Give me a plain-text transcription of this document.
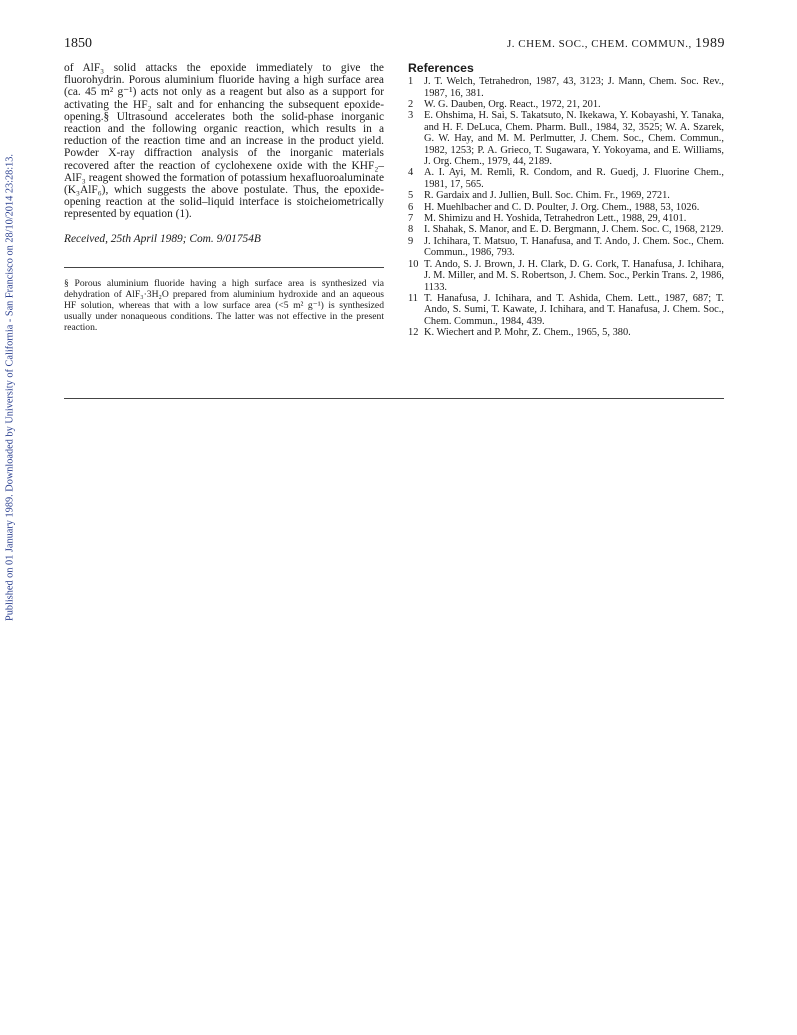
1850	J. CHEM. SOC., CHEM. COMMUN., 1989

of AlF₃ solid attacks the epoxide immediately to give the fluorohydrin. Porous aluminium fluoride having a high surface area (ca. 45 m² g⁻¹) acts not only as a reagent but also as a support for activating the HF₂ salt and for enhancing the subsequent epoxide-opening.§ Ultrasound accelerates both the solid-phase inorganic reaction and the following organic reaction, which results in a reduction of the reaction time and an increase in the product yield. Powder X-ray diffraction analysis of the inorganic materials recovered after the reaction of cyclohexene oxide with the KHF₂–AlF₃ reagent showed the formation of potassium hexafluoroaluminate (K₃AlF₆), which suggests the above postulate. Thus, the epoxide-opening reaction at the solid–liquid interface is stoicheiometrically represented by equation (1).

Received, 25th April 1989; Com. 9/01754B
§ Porous aluminium fluoride having a high surface area is synthesized via dehydration of AlF₃·3H₂O prepared from aluminium hydroxide and an aqueous HF solution, whereas that with a low surface area (<5 m² g⁻¹) is synthesized usually under nonaqueous conditions. The latter was not effective in the present reaction.
References
1	J. T. Welch, Tetrahedron, 1987, 43, 3123; J. Mann, Chem. Soc. Rev., 1987, 16, 381.
2	W. G. Dauben, Org. React., 1972, 21, 201.
3	E. Ohshima, H. Sai, S. Takatsuto, N. Ikekawa, Y. Kobayashi, Y. Tanaka, and H. F. DeLuca, Chem. Pharm. Bull., 1984, 32, 3525; W. A. Szarek, G. W. Hay, and M. M. Perlmutter, J. Chem. Soc., Chem. Commun., 1982, 1253; P. A. Grieco, T. Sugawara, Y. Yokoyama, and E. Williams, J. Org. Chem., 1979, 44, 2189.
4	A. I. Ayi, M. Remli, R. Condom, and R. Guedj, J. Fluorine Chem., 1981, 17, 565.
5	R. Gardaix and J. Jullien, Bull. Soc. Chim. Fr., 1969, 2721.
6	H. Muehlbacher and C. D. Poulter, J. Org. Chem., 1988, 53, 1026.
7	M. Shimizu and H. Yoshida, Tetrahedron Lett., 1988, 29, 4101.
8	I. Shahak, S. Manor, and E. D. Bergmann, J. Chem. Soc. C, 1968, 2129.
9	J. Ichihara, T. Matsuo, T. Hanafusa, and T. Ando, J. Chem. Soc., Chem. Commun., 1986, 793.
10 T. Ando, S. J. Brown, J. H. Clark, D. G. Cork, T. Hanafusa, J. Ichihara, J. M. Miller, and M. S. Robertson, J. Chem. Soc., Perkin Trans. 2, 1986, 1133.
11 T. Hanafusa, J. Ichihara, and T. Ashida, Chem. Lett., 1987, 687; T. Ando, S. Sumi, T. Kawate, J. Ichihara, and T. Hanafusa, J. Chem. Soc., Chem. Commun., 1984, 439.
12 K. Wiechert and P. Mohr, Z. Chem., 1965, 5, 380.
Published on 01 January 1989. Downloaded by University of California - San Francisco on 28/10/2014 23:28:13.
